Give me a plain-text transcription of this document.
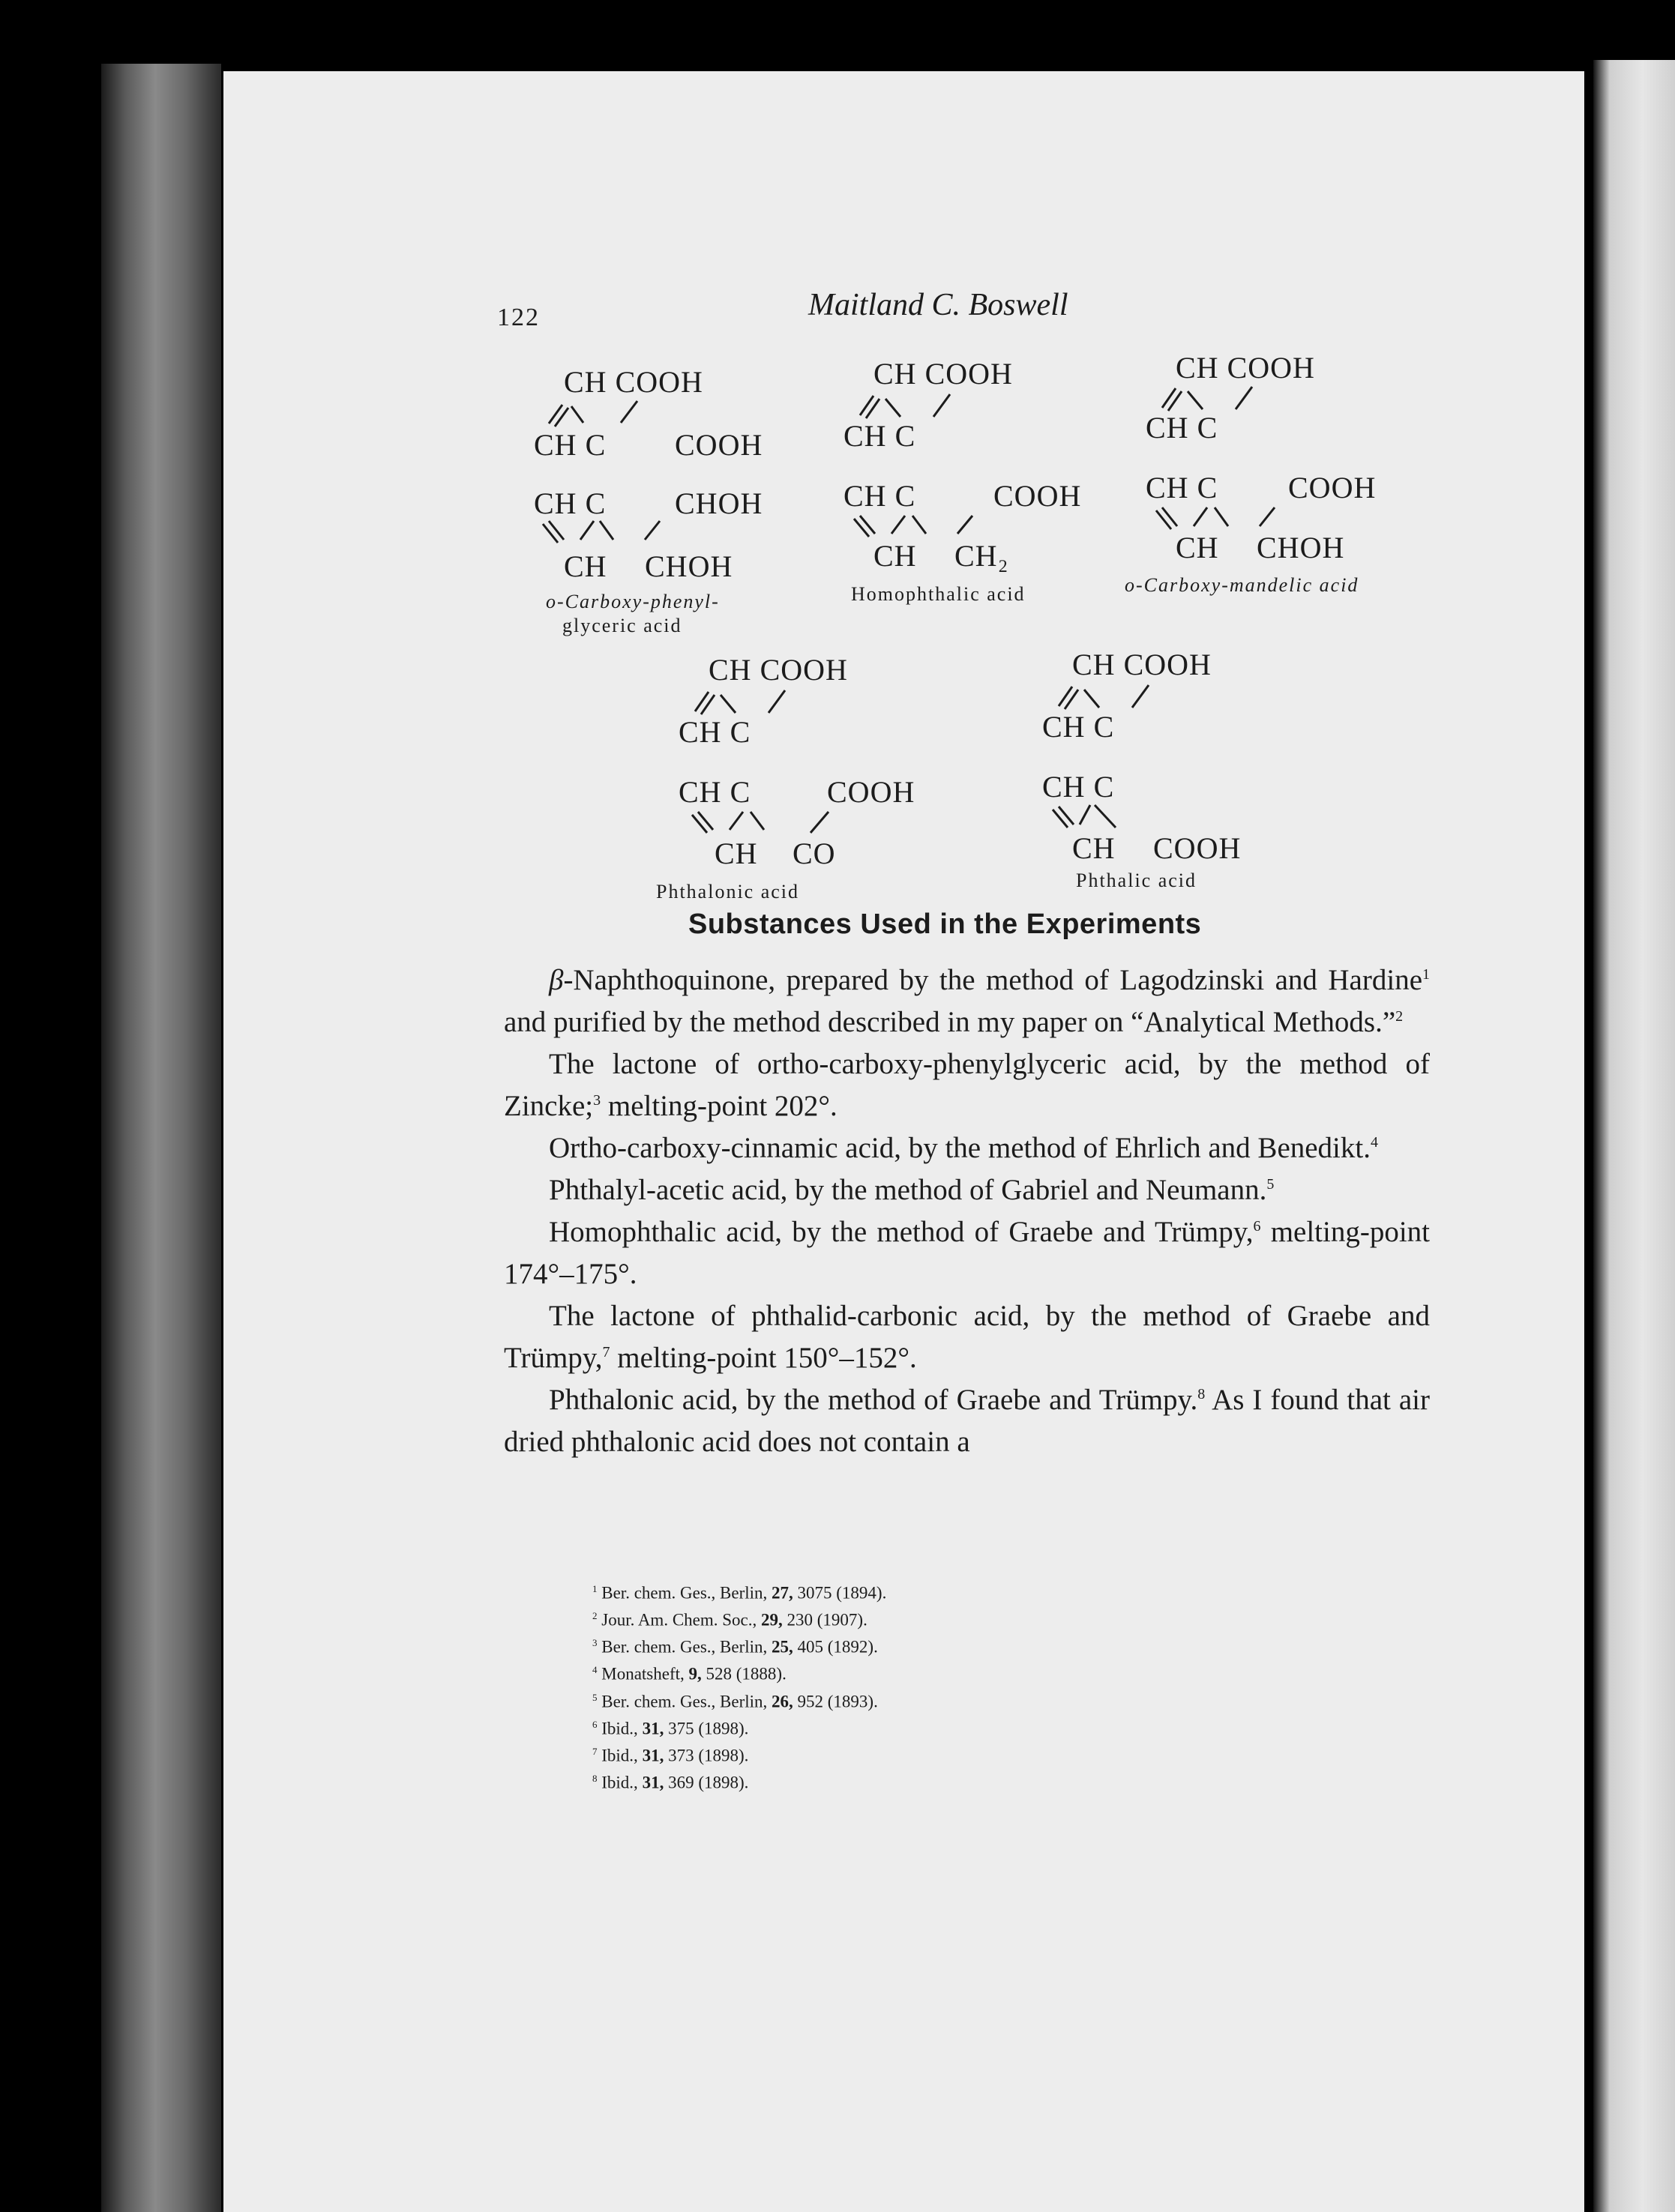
122	Maitland C. Boswell
CH COOH
CH C COOH
CH C CHOH
CH CHOH
o-Carboxy-phenyl-
glyceric acid
CH COOH
CH C
CH C	COOH
CH CH₂
Homophthalic acid
CH COOH
CH C
CH C COOH
CH CHOH
o-Carboxy-mandelic acid
CH COOH
CH C
CH C	COOH
CH CO
Phthalonic acid
CH COOH
CH C
CH C
CH COOH
Phthalic acid
Substances Used in the Experiments

β-Naphthoquinone, prepared by the method of Lagodzinski and Hardine$^1$ and purified by the method described in my paper on “Analytical Methods.”$^2$

The lactone of ortho-carboxy-phenylglyceric acid, by the method of Zincke;$^3$ melting-point 202°.

Ortho-carboxy-cinnamic acid, by the method of Ehrlich and Benedikt.$^4$

Phthalyl-acetic acid, by the method of Gabriel and Neumann.$^5$

Homophthalic acid, by the method of Graebe and Trümpy,$^6$ melting-point 174°–175°.

The lactone of phthalid-carbonic acid, by the method of Graebe and Trümpy,$^7$ melting-point 150°–152°.

Phthalonic acid, by the method of Graebe and Trümpy.$^8$ As I found that air dried phthalonic acid does not contain a

$^1$ Ber. chem. Ges., Berlin, 27, 3075 (1894).
$^2$ Jour. Am. Chem. Soc., 29, 230 (1907).
$^3$ Ber. chem. Ges., Berlin, 25, 405 (1892).
$^4$ Monatsheft, 9, 528 (1888).
$^5$ Ber. chem. Ges., Berlin, 26, 952 (1893).
$^6$ Ibid., 31, 375 (1898).
$^7$ Ibid., 31, 373 (1898).
$^8$ Ibid., 31, 369 (1898).
